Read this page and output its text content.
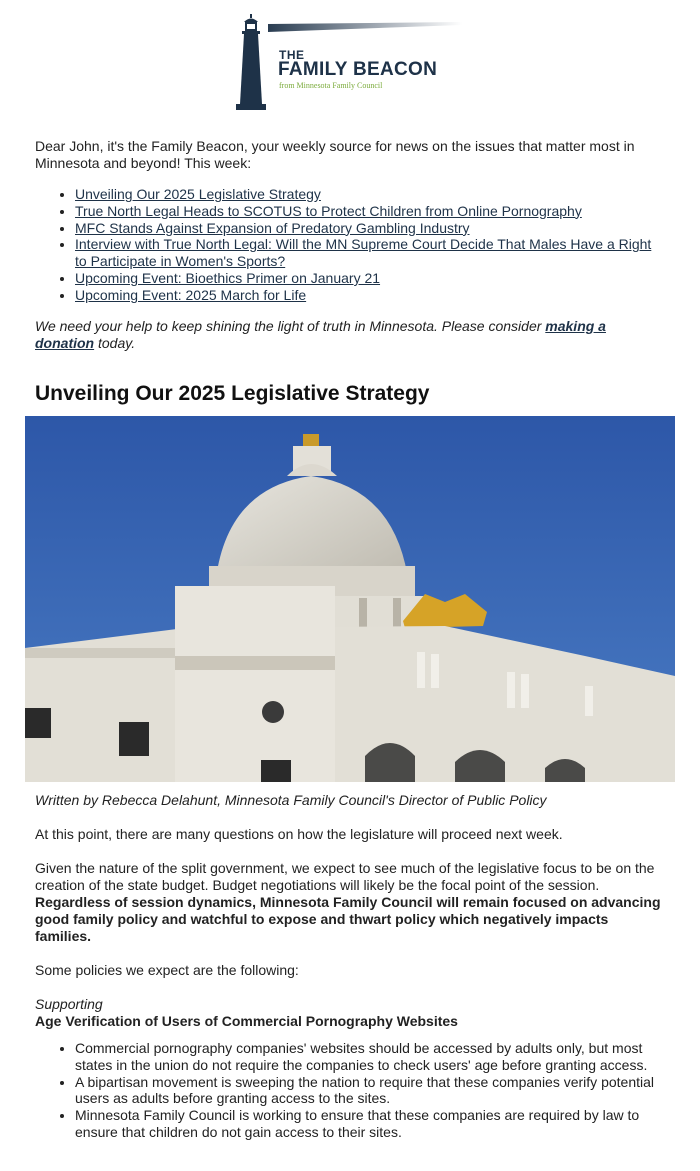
THE
FAMILY BEACON
from Minnesota Family Council

Dear John, it's the Family Beacon, your weekly source for news on the issues that matter most in Minnesota and beyond! This week:

• Unveiling Our 2025 Legislative Strategy
• True North Legal Heads to SCOTUS to Protect Children from Online Pornography
• MFC Stands Against Expansion of Predatory Gambling Industry
• Interview with True North Legal: Will the MN Supreme Court Decide That Males Have a Right to Participate in Women's Sports?
• Upcoming Event: Bioethics Primer on January 21
• Upcoming Event: 2025 March for Life

We need your help to keep shining the light of truth in Minnesota. Please consider making a donation today.

Unveiling Our 2025 Legislative Strategy

Written by Rebecca Delahunt, Minnesota Family Council's Director of Public Policy

At this point, there are many questions on how the legislature will proceed next week.

Given the nature of the split government, we expect to see much of the legislative focus to be on the creation of the state budget. Budget negotiations will likely be the focal point of the session. Regardless of session dynamics, Minnesota Family Council will remain focused on advancing good family policy and watchful to expose and thwart policy which negatively impacts families.

Some policies we expect are the following:

Supporting

Age Verification of Users of Commercial Pornography Websites

• Commercial pornography companies' websites should be accessed by adults only, but most states in the union do not require the companies to check users' age before granting access.
• A bipartisan movement is sweeping the nation to require that these companies verify potential users as adults before granting access to the sites.
• Minnesota Family Council is working to ensure that these companies are required by law to ensure that children do not gain access to their sites.
